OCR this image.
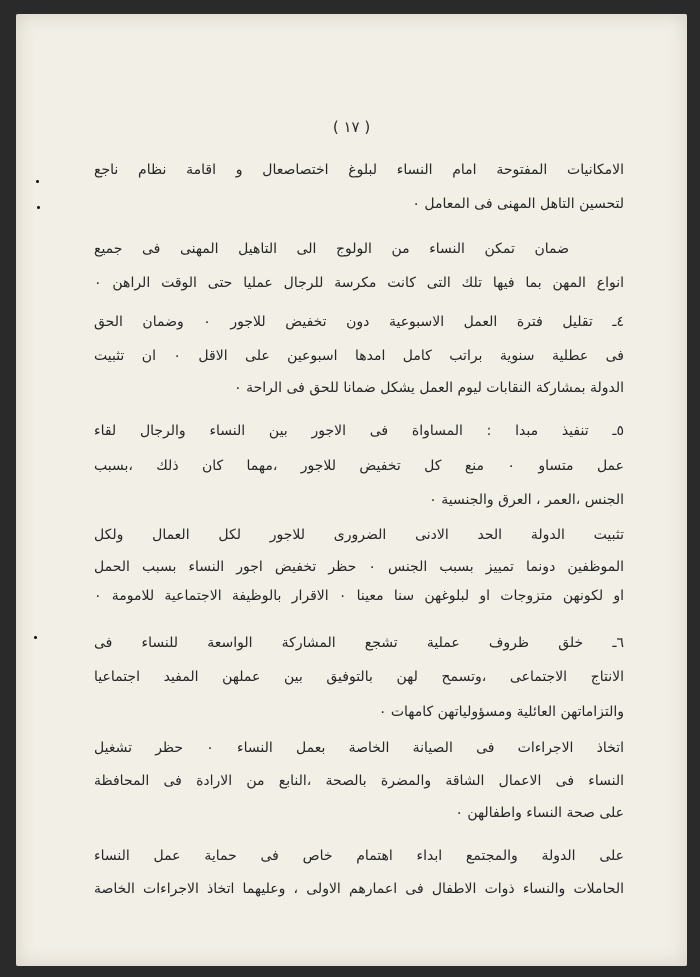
( ١٧ )
الامكانيات المفتوحة امام النساء لبلوغ اختصاصعال و اقامة نظام ناجع
لتحسين التاهل المهنى فى المعامل ٠
ضمان تمكن النساء من الولوج الى التاهيل المهنى فى جميع
انواع المهن بما فيها تلك التى كانت مكرسة للرجال عمليا حتى الوقت الراهن ٠
٤ـ تقليل فترة العمل الاسبوعية دون تخفيض للاجور ٠ وضمان الحق
فى عطلية سنوية براتب كامل امدها اسبوعين على الاقل ٠ ان تثبيت
الدولة بمشاركة النقابات ليوم العمل يشكل ضمانا للحق فى الراحة ٠
٥ـ تنفيذ مبدا : المساواة فى الاجور بين النساء والرجال لقاء
عمل متساو ٠ منع كل تخفيض للاجور ،مهما كان ذلك ،بسبب
الجنس ،العمر ، العرق والجنسية ٠
تثبيت الدولة الحد الادنى الضرورى للاجور لكل العمال ولكل
الموظفين دونما تمييز بسبب الجنس ٠ حظر تخفيض اجور النساء بسبب الحمل
او لكونهن متزوجات او لبلوغهن سنا معينا ٠ الاقرار بالوظيفة الاجتماعية للامومة ٠
٦ـ خلق ظروف عملية تشجع المشاركة الواسعة للنساء فى
الانتاج الاجتماعى ،وتسمح لهن بالتوفيق بين عملهن المفيد اجتماعيا
والتزاماتهن العائلية ومسؤولياتهن كامهات ٠
اتخاذ الاجراءات فى الصيانة الخاصة بعمل النساء ٠ حظر تشغيل
النساء فى الاعمال الشاقة والمضرة بالصحة ،النابع من الارادة فى المحافظة
على صحة النساء واطفالهن ٠
على الدولة والمجتمع ابداء اهتمام خاص فى حماية عمل النساء
الحاملات والنساء ذوات الاطفال فى اعمارهم الاولى ، وعليهما اتخاذ الاجراءات الخاصة
